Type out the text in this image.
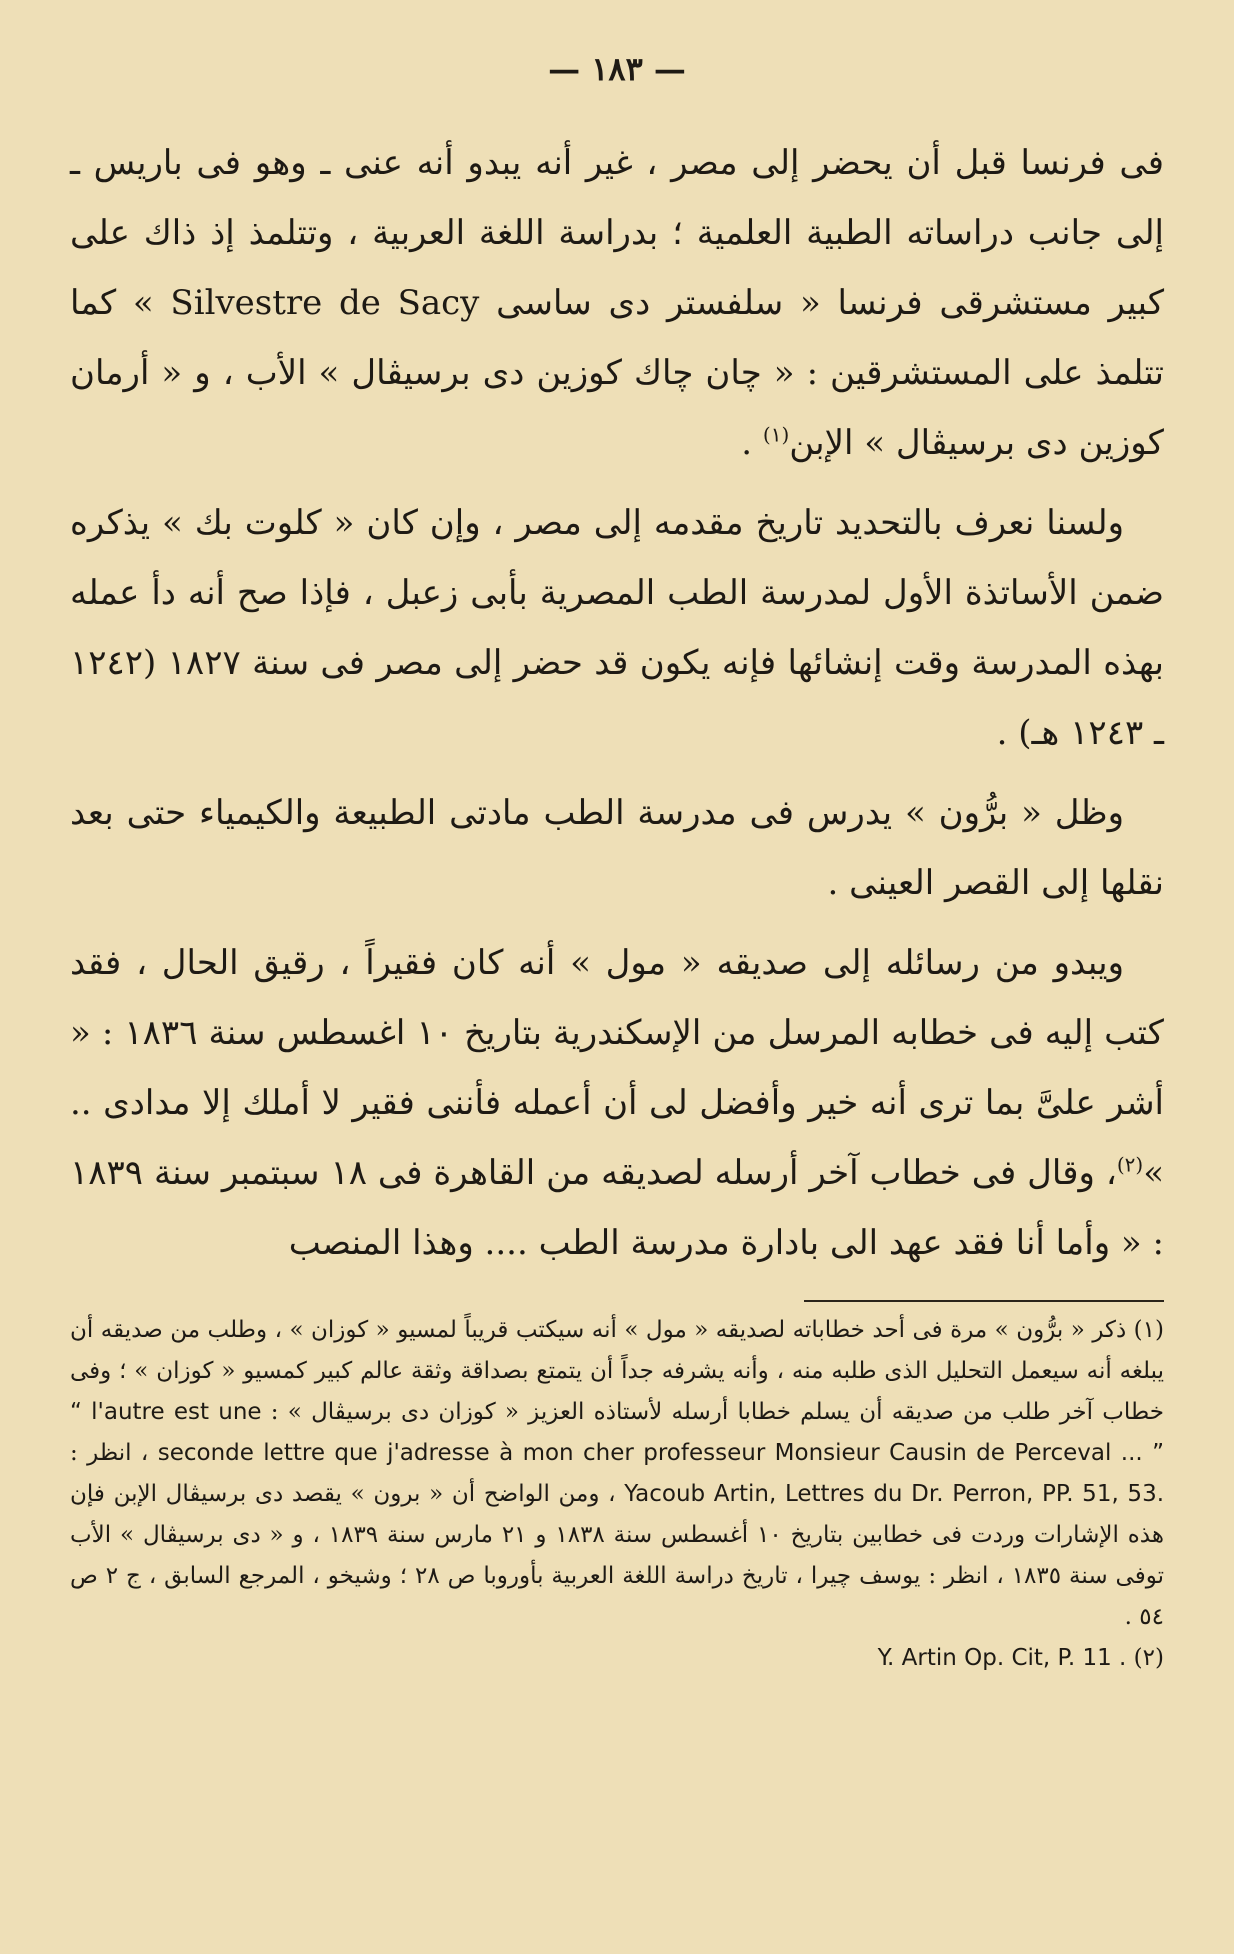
— ١٨٣ —

فى فرنسا قبل أن يحضر إلى مصر ، غير أنه يبدو أنه عنى ـ وهو فى باريس ـ إلى جانب دراساته الطبية العلمية ؛ بدراسة اللغة العربية ، وتتلمذ إذ ذاك على كبير مستشرقى فرنسا « سلفستر دى ساسى Silvestre de Sacy » كما تتلمذ على المستشرقين : « چان چاك كوزين دى برسيڤال » الأب ، و « أرمان كوزين دى برسيڤال » الإبن$^{(١)}$ .

ولسنا نعرف بالتحديد تاريخ مقدمه إلى مصر ، وإن كان « كلوت بك » يذكره ضمن الأساتذة الأول لمدرسة الطب المصرية بأبى زعبل ، فإذا صح أنه دأ عمله بهذه المدرسة وقت إنشائها فإنه يكون قد حضر إلى مصر فى سنة ١٨٢٧ (١٢٤٢ ـ ١٢٤٣ هـ) .

وظل « برُّون » يدرس فى مدرسة الطب مادتى الطبيعة والكيمياء حتى بعد نقلها إلى القصر العينى .

ويبدو من رسائله إلى صديقه « مول » أنه كان فقيراً ، رقيق الحال ، فقد كتب إليه فى خطابه المرسل من الإسكندرية بتاريخ ١٠ اغسطس سنة ١٨٣٦ : « أشر علىَّ بما ترى أنه خير وأفضل لى أن أعمله فأننى فقير لا أملك إلا مدادى .. »$^{(٢)}$، وقال فى خطاب آخر أرسله لصديقه من القاهرة فى ١٨ سبتمبر سنة ١٨٣٩ : « وأما أنا فقد عهد الى بادارة مدرسة الطب .... وهذا المنصب

(١) ذكر « برُّون » مرة فى أحد خطاباته لصديقه « مول » أنه سيكتب قريباً لمسيو « كوزان » ، وطلب من صديقه أن يبلغه أنه سيعمل التحليل الذى طلبه منه ، وأنه يشرفه جداً أن يتمتع بصداقة وثقة عالم كبير كمسيو « كوزان » ؛ وفى خطاب آخر طلب من صديقه أن يسلم خطابا أرسله لأستاذه العزيز « كوزان دى برسيڤال » : “ l'autre est une seconde lettre que j'adresse à mon cher professeur Monsieur Causin de Perceval ... ” ، انظر : Yacoub Artin, Lettres du Dr. Perron, PP. 51, 53. ، ومن الواضح أن « برون » يقصد دى برسيڤال الإبن فإن هذه الإشارات وردت فى خطابين بتاريخ ١٠ أغسطس سنة ١٨٣٨ و ٢١ مارس سنة ١٨٣٩ ، و « دى برسيڤال » الأب توفى سنة ١٨٣٥ ، انظر : يوسف چيرا ، تاريخ دراسة اللغة العربية بأوروبا ص ٢٨ ؛ وشيخو ، المرجع السابق ، ج ٢ ص ٥٤ .

(٢) Y. Artin Op. Cit, P. 11 .
